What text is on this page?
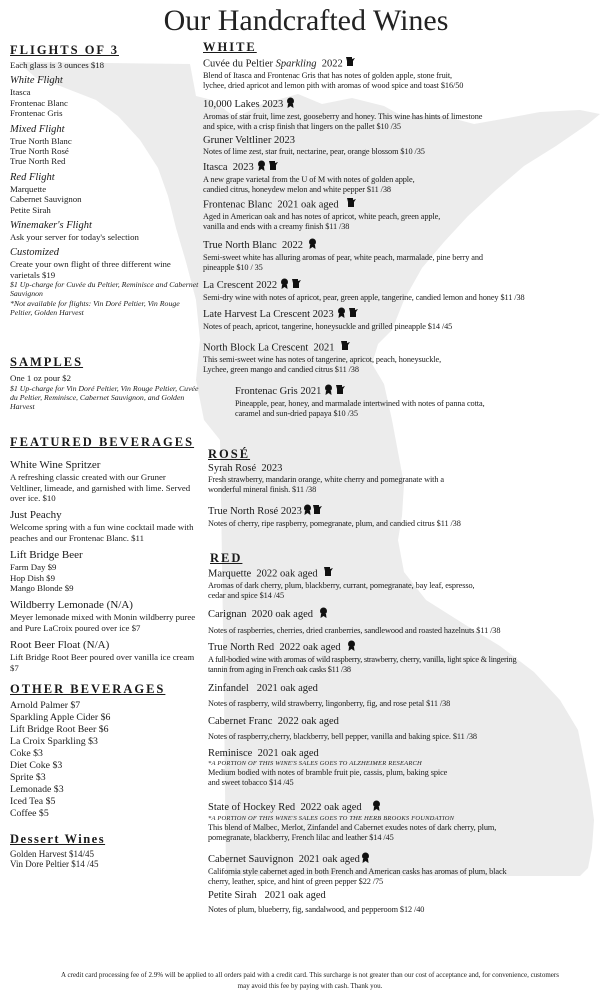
Our Handcrafted Wines
FLIGHTS OF 3
Each glass is 3 ounces $18
White Flight
Itasca
Frontenac Blanc
Frontenac Gris
Mixed Flight
True North Blanc
True North Rosé
True North Red
Red Flight
Marquette
Cabernet Sauvignon
Petite Sirah
Winemaker's Flight
Ask your server for today's selection
Customized
Create your own flight of three different wine varietals $19
$1 Up-charge for Cuvée du Peltier, Reminisce and Cabernet Sauvignon
*Not available for flights: Vin Doré Peltier, Vin Rouge Peltier, Golden Harvest
SAMPLES
One 1 oz pour $2
$1 Up-charge for Vin Doré Peltier, Vin Rouge Peltier, Cuvée du Peltier, Reminisce, Cabernet Sauvignon, and Golden Harvest
FEATURED BEVERAGES
White Wine Spritzer
A refreshing classic created with our Gruner Veltliner, limeade, and garnished with lime. Served over ice. $10
Just Peachy
Welcome spring with a fun wine cocktail made with peaches and our Frontenac Blanc. $11
Lift Bridge Beer
Farm Day $9
Hop Dish $9
Mango Blonde $9
Wildberry Lemonade (N/A)
Meyer lemonade mixed with Monin wildberry puree and Pure LaCroix poured over ice $7
Root Beer Float (N/A)
Lift Bridge Root Beer poured over vanilla ice cream $7
OTHER BEVERAGES
Arnold Palmer $7
Sparkling Apple Cider $6
Lift Bridge Root Beer $6
La Croix Sparkling $3
Coke $3
Diet Coke $3
Sprite $3
Lemonade $3
Iced Tea $5
Coffee $5
Dessert Wines
Golden Harvest $14/45
Vin Dore Peltier $14 /45
WHITE
Cuvée du Peltier Sparkling 2022
Blend of Itasca and Frontenac Gris that has notes of golden apple, stone fruit,
lychee, dried apricot and lemon pith with aromas of wood spice and toast $16/50
10,000 Lakes 2023
Aromas of star fruit, lime zest, gooseberry and honey. This wine has hints of limestone
and spice, with a crisp finish that lingers on the pallet $10 /35
Gruner Veltliner 2023
Notes of lime zest, star fruit, nectarine, pear, orange blossom $10 /35
Itasca 2023
A new grape varietal from the U of M with notes of golden apple,
candied citrus, honeydew melon and white pepper $11 /38
Frontenac Blanc 2021 oak aged
Aged in American oak and has notes of apricot, white peach, green apple,
vanilla and ends with a creamy finish $11 /38
True North Blanc 2022
Semi-sweet white has alluring aromas of pear, white peach, marmalade, pine berry and
pineapple $10 / 35
La Crescent 2022
Semi-dry wine with notes of apricot, pear, green apple, tangerine, candied lemon and honey $11 /38
Late Harvest La Crescent 2023
Notes of peach, apricot, tangerine, honeysuckle and grilled pineapple $14 /45
North Block La Crescent 2021
This semi-sweet wine has notes of tangerine, apricot, peach, honeysuckle,
Lychee, green mango and candied citrus $11 /38
Frontenac Gris 2021
Pineapple, pear, honey, and marmalade intertwined with notes of panna cotta,
caramel and sun-dried papaya $10 /35
ROSÉ
Syrah Rosé 2023
Fresh strawberry, mandarin orange, white cherry and pomegranate with a
wonderful mineral finish. $11 /38
True North Rosé 2023
Notes of cherry, ripe raspberry, pomegranate, plum, and candied citrus $11 /38
RED
Marquette 2022 oak aged
Aromas of dark cherry, plum, blackberry, currant, pomegranate, bay leaf, espresso,
cedar and spice $14 /45
Carignan 2020 oak aged
Notes of raspberries, cherries, dried cranberries, sandlewood and roasted hazelnuts $11 /38
True North Red 2022 oak aged
A full-bodied wine with aromas of wild raspberry, strawberry, cherry, vanilla, light spice & lingering
tannin from aging in French oak casks $11 /38
Zinfandel 2021 oak aged
Notes of raspberry, wild strawberry, lingonberry, fig, and rose petal $11 /38
Cabernet Franc 2022 oak aged
Notes of raspberry,cherry, blackberry, bell pepper, vanilla and baking spice. $11 /38
Reminisce 2021 oak aged
*A PORTION OF THIS WINE'S SALES GOES TO ALZHEIMER RESEARCH
Medium bodied with notes of bramble fruit pie, cassis, plum, baking spice
and sweet tobacco $14 /45
State of Hockey Red 2022 oak aged
*A PORTION OF THIS WINE'S SALES GOES TO THE HERB BROOKS FOUNDATION
This blend of Malbec, Merlot, Zinfandel and Cabernet exudes notes of dark cherry, plum,
pomegranate, blackberry, French lilac and leather $14 /45
Cabernet Sauvignon 2021 oak aged
California style cabernet aged in both French and American casks has aromas of plum, black
cherry, leather, spice, and hint of green pepper $22 /75
Petite Sirah 2021 oak aged
Notes of plum, blueberry, fig, sandalwood, and pepperoom $12 /40
A credit card processing fee of 2.9% will be applied to all orders paid with a credit card. This surcharge is not greater than our cost of acceptance and, for convenience, customers may avoid this fee by paying with cash. Thank you.
